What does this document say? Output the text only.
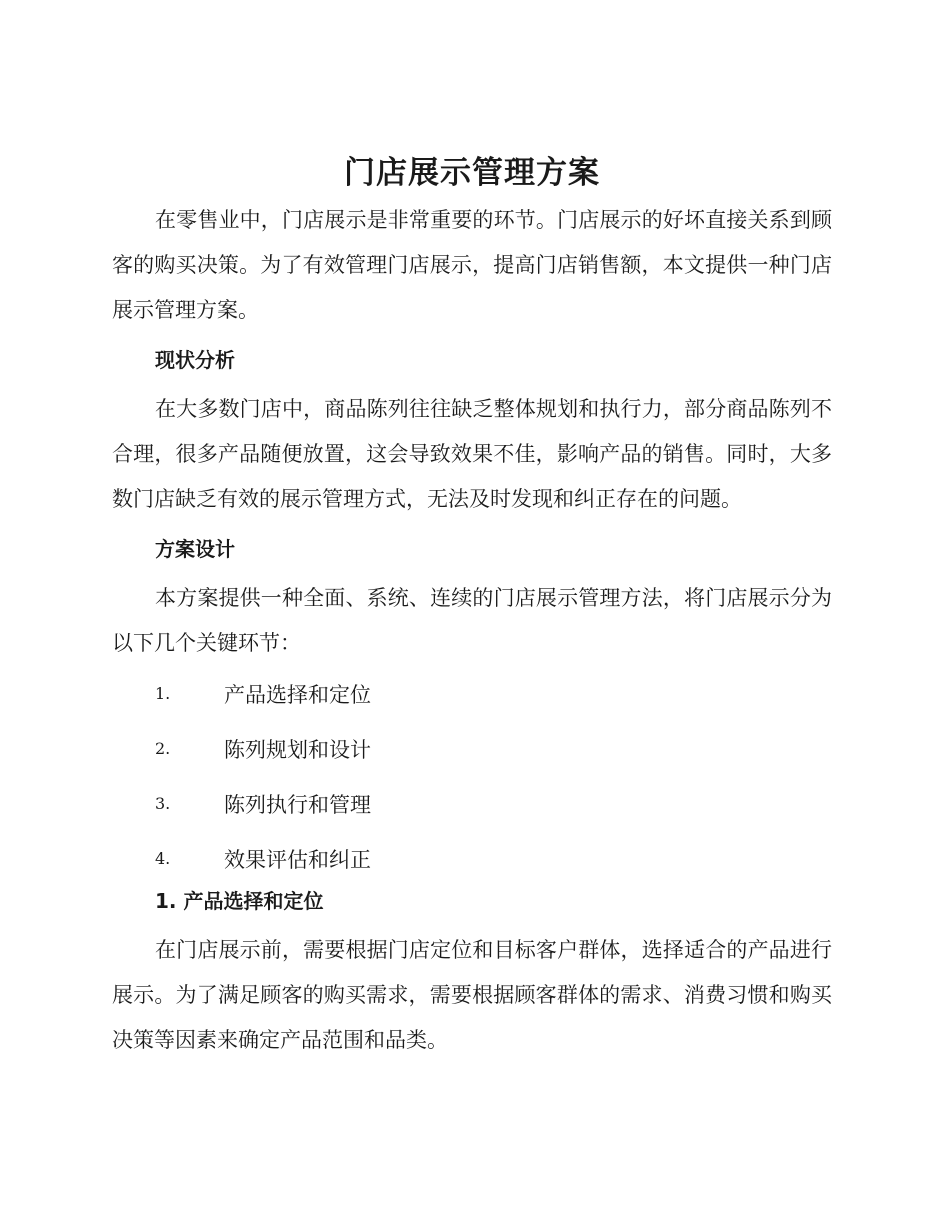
门店展示管理方案

在零售业中，门店展示是非常重要的环节。门店展示的好坏直接关系到顾客的购买决策。为了有效管理门店展示，提高门店销售额，本文提供一种门店展示管理方案。

现状分析

在大多数门店中，商品陈列往往缺乏整体规划和执行力，部分商品陈列不合理，很多产品随便放置，这会导致效果不佳，影响产品的销售。同时，大多数门店缺乏有效的展示管理方式，无法及时发现和纠正存在的问题。

方案设计

本方案提供一种全面、系统、连续的门店展示管理方法，将门店展示分为以下几个关键环节：

1.	产品选择和定位
2.	陈列规划和设计
3.	陈列执行和管理
4.	效果评估和纠正
1. 产品选择和定位

在门店展示前，需要根据门店定位和目标客户群体，选择适合的产品进行展示。为了满足顾客的购买需求，需要根据顾客群体的需求、消费习惯和购买决策等因素来确定产品范围和品类。
